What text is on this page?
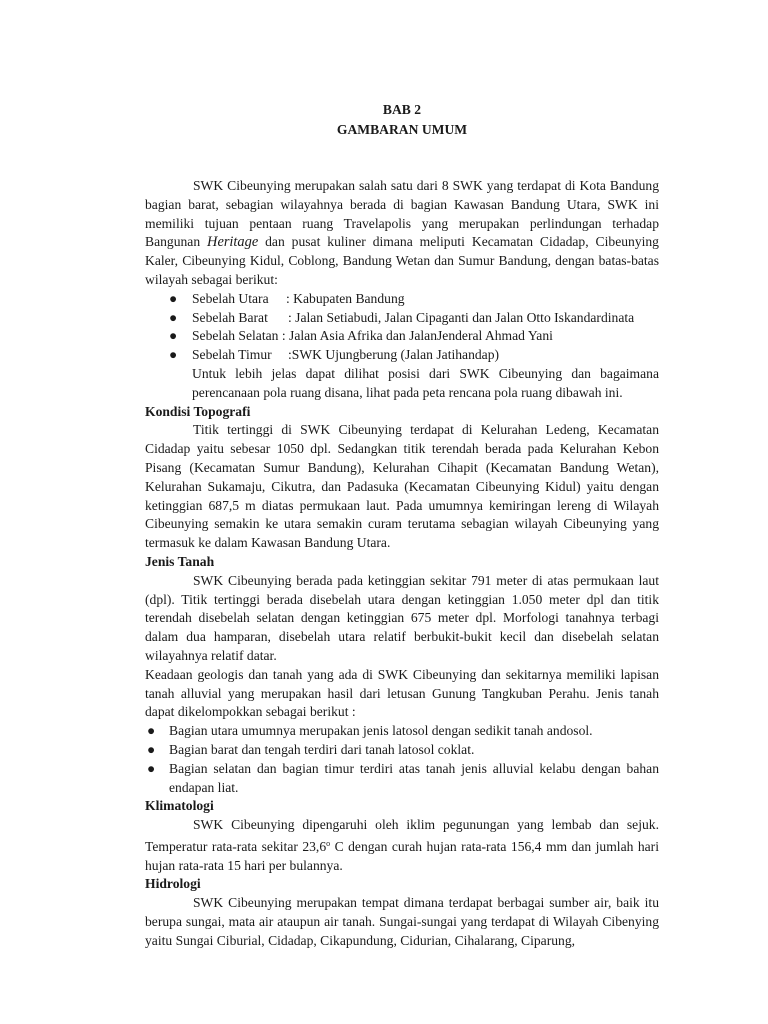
BAB 2
GAMBARAN UMUM

SWK Cibeunying merupakan salah satu dari 8 SWK yang terdapat di Kota Bandung bagian barat, sebagian wilayahnya berada di bagian Kawasan Bandung Utara, SWK ini memiliki tujuan pentaan ruang Travelapolis yang merupakan perlindungan terhadap Bangunan Heritage dan pusat kuliner dimana meliputi Kecamatan Cidadap, Cibeunying Kaler, Cibeunying Kidul, Coblong, Bandung Wetan dan Sumur Bandung, dengan batas-batas wilayah sebagai berikut:

● Sebelah Utara : Kabupaten Bandung
● Sebelah Barat : Jalan Setiabudi, Jalan Cipaganti dan Jalan Otto Iskandardinata
● Sebelah Selatan : Jalan Asia Afrika dan JalanJenderal Ahmad Yani
● Sebelah Timur :SWK Ujungberung (Jalan Jatihandap)

Untuk lebih jelas dapat dilihat posisi dari SWK Cibeunying dan bagaimana perencanaan pola ruang disana, lihat pada peta rencana pola ruang dibawah ini.

Kondisi Topografi

Titik tertinggi di SWK Cibeunying terdapat di Kelurahan Ledeng, Kecamatan Cidadap yaitu sebesar 1050 dpl. Sedangkan titik terendah berada pada Kelurahan Kebon Pisang (Kecamatan Sumur Bandung), Kelurahan Cihapit (Kecamatan Bandung Wetan), Kelurahan Sukamaju, Cikutra, dan Padasuka (Kecamatan Cibeunying Kidul) yaitu dengan ketinggian 687,5 m diatas permukaan laut. Pada umumnya kemiringan lereng di Wilayah Cibeunying semakin ke utara semakin curam terutama sebagian wilayah Cibeunying yang termasuk ke dalam Kawasan Bandung Utara.

Jenis Tanah

SWK Cibeunying berada pada ketinggian sekitar 791 meter di atas permukaan laut (dpl). Titik tertinggi berada disebelah utara dengan ketinggian 1.050 meter dpl dan titik terendah disebelah selatan dengan ketinggian 675 meter dpl. Morfologi tanahnya terbagi dalam dua hamparan, disebelah utara relatif berbukit-bukit kecil dan disebelah selatan wilayahnya relatif datar.

Keadaan geologis dan tanah yang ada di SWK Cibeunying dan sekitarnya memiliki lapisan tanah alluvial yang merupakan hasil dari letusan Gunung Tangkuban Perahu. Jenis tanah dapat dikelompokkan sebagai berikut :

● Bagian utara umumnya merupakan jenis latosol dengan sedikit tanah andosol.
● Bagian barat dan tengah terdiri dari tanah latosol coklat.
● Bagian selatan dan bagian timur terdiri atas tanah jenis alluvial kelabu dengan bahan endapan liat.

Klimatologi

SWK Cibeunying dipengaruhi oleh iklim pegunungan yang lembab dan sejuk. Temperatur rata-rata sekitar 23,6$^o$ C dengan curah hujan rata-rata 156,4 mm dan jumlah hari hujan rata-rata 15 hari per bulannya.

Hidrologi

SWK Cibeunying merupakan tempat dimana terdapat berbagai sumber air, baik itu berupa sungai, mata air ataupun air tanah. Sungai-sungai yang terdapat di Wilayah Cibenying yaitu Sungai Ciburial, Cidadap, Cikapundung, Cidurian, Cihalarang, Ciparung,
